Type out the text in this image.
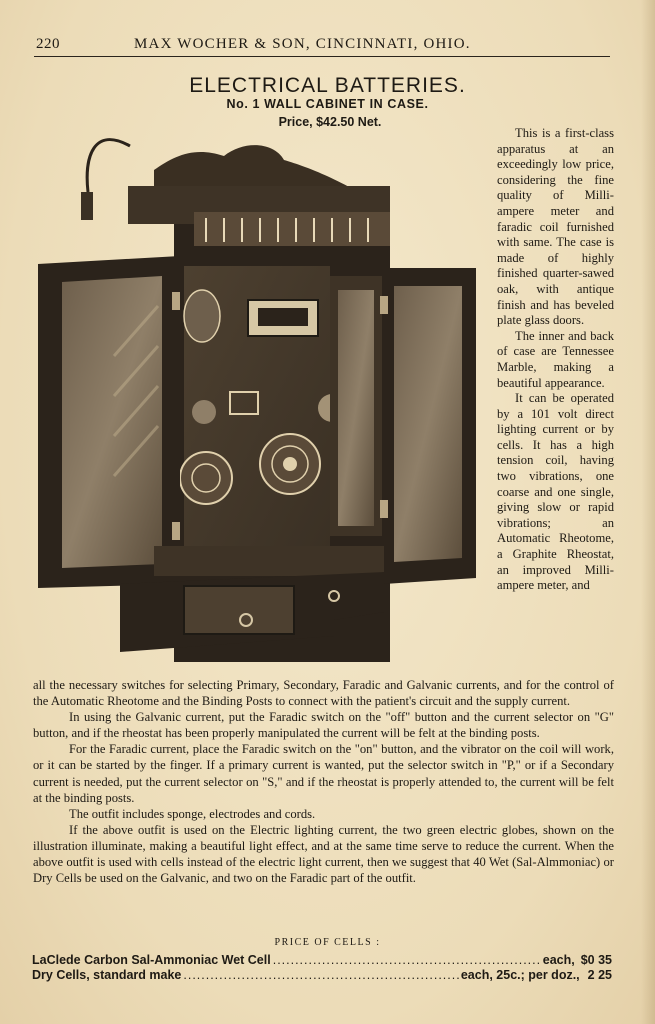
220	MAX WOCHER & SON, CINCINNATI, OHIO.
ELECTRICAL BATTERIES.
No. 1 WALL CABINET IN CASE.
Price, $42.50 Net.

This is a first-class apparatus at an exceedingly low price, considering the fine quality of Milli-ampere meter and faradic coil furnished with same. The case is made of highly finished quarter-sawed oak, with antique finish and has beveled plate glass doors.

The inner and back of case are Tennessee Marble, making a beautiful appearance.

It can be operated by a 101 volt direct lighting current or by cells. It has a high tension coil, having two vibrations, one coarse and one single, giving slow or rapid vibrations; an Automatic Rheotome, a Graphite Rheostat, an improved Milli-ampere meter, and

all the necessary switches for selecting Primary, Secondary, Faradic and Galvanic currents, and for the control of the Automatic Rheotome and the Binding Posts to connect with the patient's circuit and the supply current.

In using the Galvanic current, put the Faradic switch on the "off" button and the current selector on "G" button, and if the rheostat has been properly manipulated the current will be felt at the binding posts.

For the Faradic current, place the Faradic switch on the "on" button, and the vibrator on the coil will work, or it can be started by the finger. If a primary current is wanted, put the selector switch in "P," or if a Secondary current is needed, put the current selector on "S," and if the rheostat is properly attended to, the current will be felt at the binding posts.

The outfit includes sponge, electrodes and cords.

If the above outfit is used on the Electric lighting current, the two green electric globes, shown on the illustration illuminate, making a beautiful light effect, and at the same time serve to reduce the current. When the above outfit is used with cells instead of the electric light current, then we suggest that 40 Wet (Sal-Almmoniac) or Dry Cells be used on the Galvanic, and two on the Faradic part of the outfit.

PRICE OF CELLS :
LaClede Carbon Sal-Ammoniac Wet Cell .....	each, $0 35
Dry Cells, standard make .....	each, 25c.; per doz., 2 25
